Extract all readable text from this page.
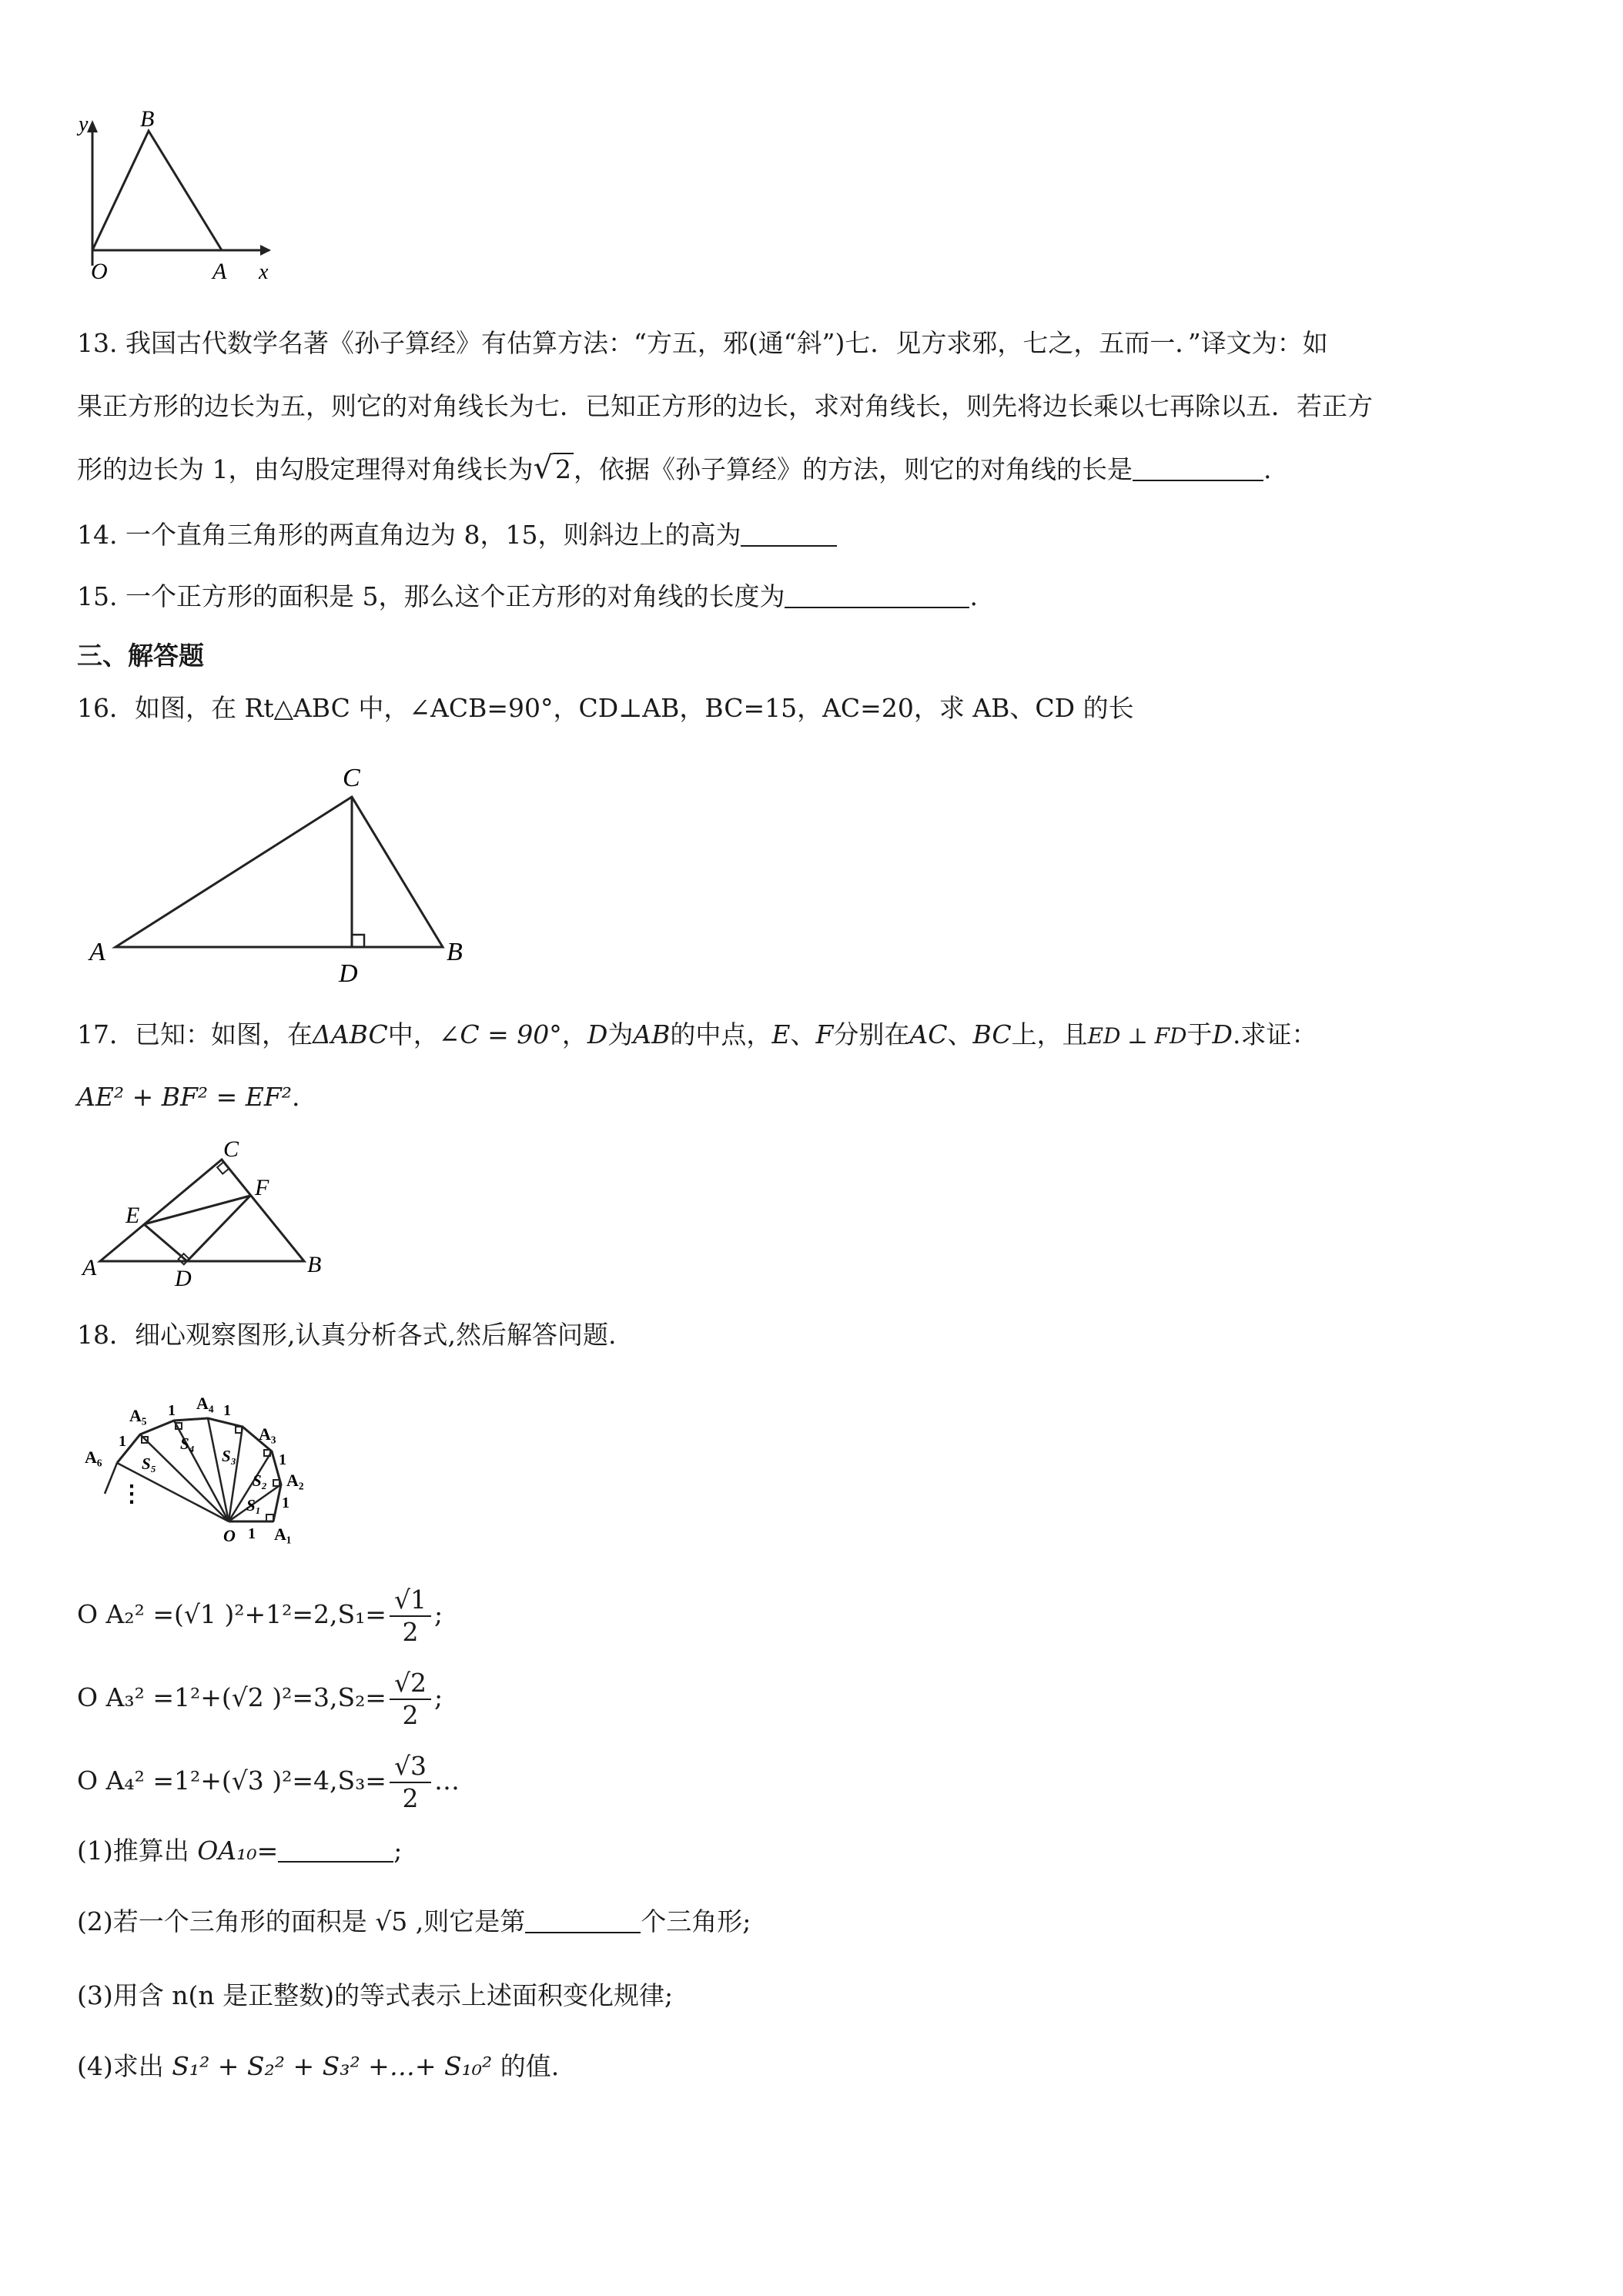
y B
O	A x
13. 我国古代数学名著《孙子算经》有估算方法：“方五，邪(通“斜”)七．见方求邪，七之，五而一．”译文为：如
果正方形的边长为五，则它的对角线长为七．已知正方形的边长，求对角线长，则先将边长乘以七再除以五．若正方
形的边长为 1，由勾股定理得对角线长为√2，依据《孙子算经》的方法，则它的对角线的长是	.
14. 一个直角三角形的两直角边为 8，15，则斜边上的高为
15. 一个正方形的面积是 5，那么这个正方形的对角线的长度为	.
三、解答题
16．如图，在 Rt△ABC 中，∠ACB=90°，CD⊥AB，BC=15，AC=20，求 AB、CD 的长
C
A
D
B
17．已知：如图，在ΔABC中，∠C = 90°，D为AB的中点，E、F分别在AC、BC上，且ED ⊥ FD于D.求证：
AE² + BF² = EF².
C
F
E
A	D
B
18．细心观察图形,认真分析各式,然后解答问题.
A₁
A₂
A₃
A₄
A₅
A₆
O 1
1
1
1
1
1
S₁
S₂
S₃
S₄
S₅
⋮
O A₂² =(√1 )$^2+1^2=2,S_1= \frac{√1}{2}$ ;
O A₃² =1²+(√2 )$^2=3,S_2= \frac{√2}{2}$ ;
O A₄² =1²+(√3 )$^2=4,S_3= \frac{√3}{2}$ …
(1)推算出 OA₁₀=	;
(2)若一个三角形的面积是 √5 ,则它是第	个三角形;
(3)用含 n(n 是正整数)的等式表示上述面积变化规律;
(4)求出 S₁² + S₂² + S₃² +…+ S₁₀² 的值.
